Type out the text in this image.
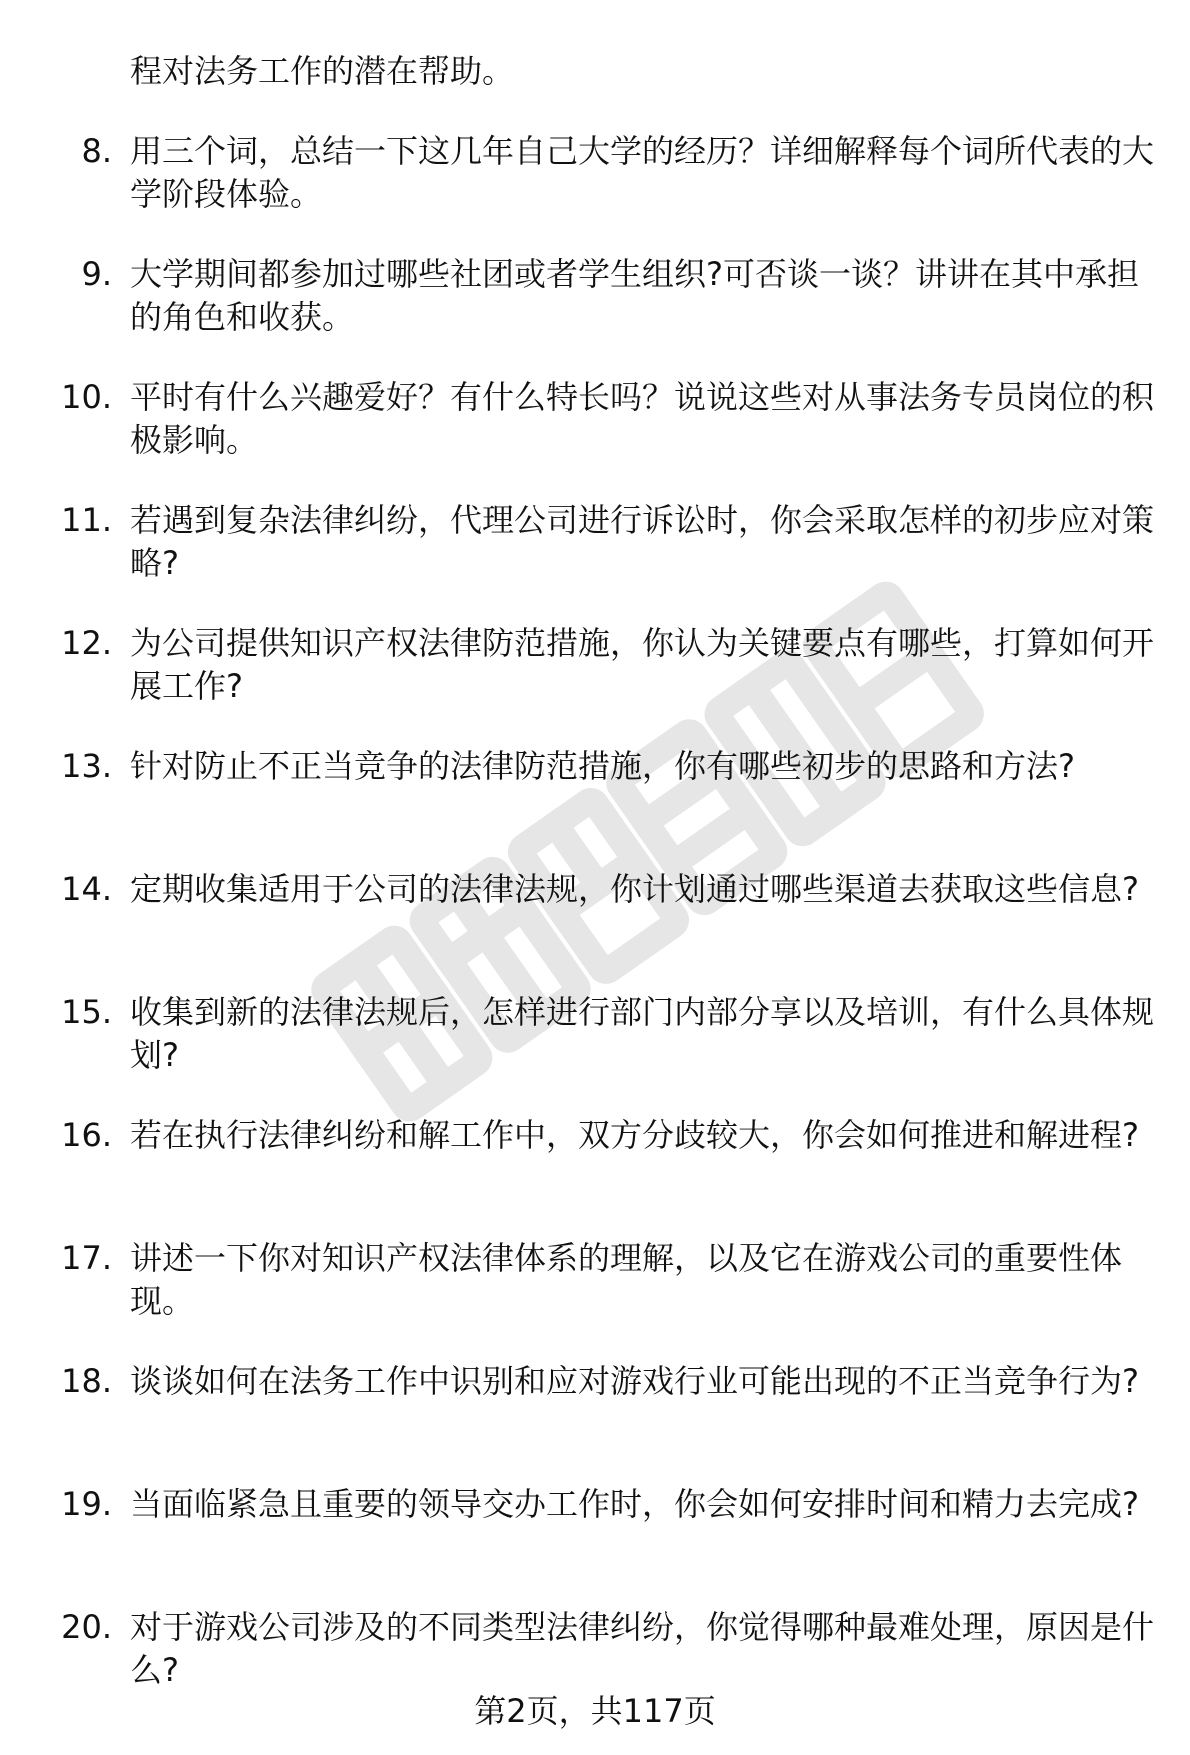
程对法务工作的潜在帮助。
8. 用三个词，总结一下这几年自己大学的经历？详细解释每个词所代表的大学阶段体验。
9. 大学期间都参加过哪些社团或者学生组织?可否谈一谈？讲讲在其中承担的角色和收获。
10. 平时有什么兴趣爱好？有什么特长吗？说说这些对从事法务专员岗位的积极影响。
11. 若遇到复杂法律纠纷，代理公司进行诉讼时，你会采取怎样的初步应对策略?
12. 为公司提供知识产权法律防范措施，你认为关键要点有哪些，打算如何开展工作?
13. 针对防止不正当竞争的法律防范措施，你有哪些初步的思路和方法?
14. 定期收集适用于公司的法律法规，你计划通过哪些渠道去获取这些信息?
15. 收集到新的法律法规后，怎样进行部门内部分享以及培训，有什么具体规划?
16. 若在执行法律纠纷和解工作中，双方分歧较大，你会如何推进和解进程?
17. 讲述一下你对知识产权法律体系的理解，以及它在游戏公司的重要性体现。
18. 谈谈如何在法务工作中识别和应对游戏行业可能出现的不正当竞争行为?
19. 当面临紧急且重要的领导交办工作时，你会如何安排时间和精力去完成?
20. 对于游戏公司涉及的不同类型法律纠纷，你觉得哪种最难处理，原因是什么?
第2页，共117页
